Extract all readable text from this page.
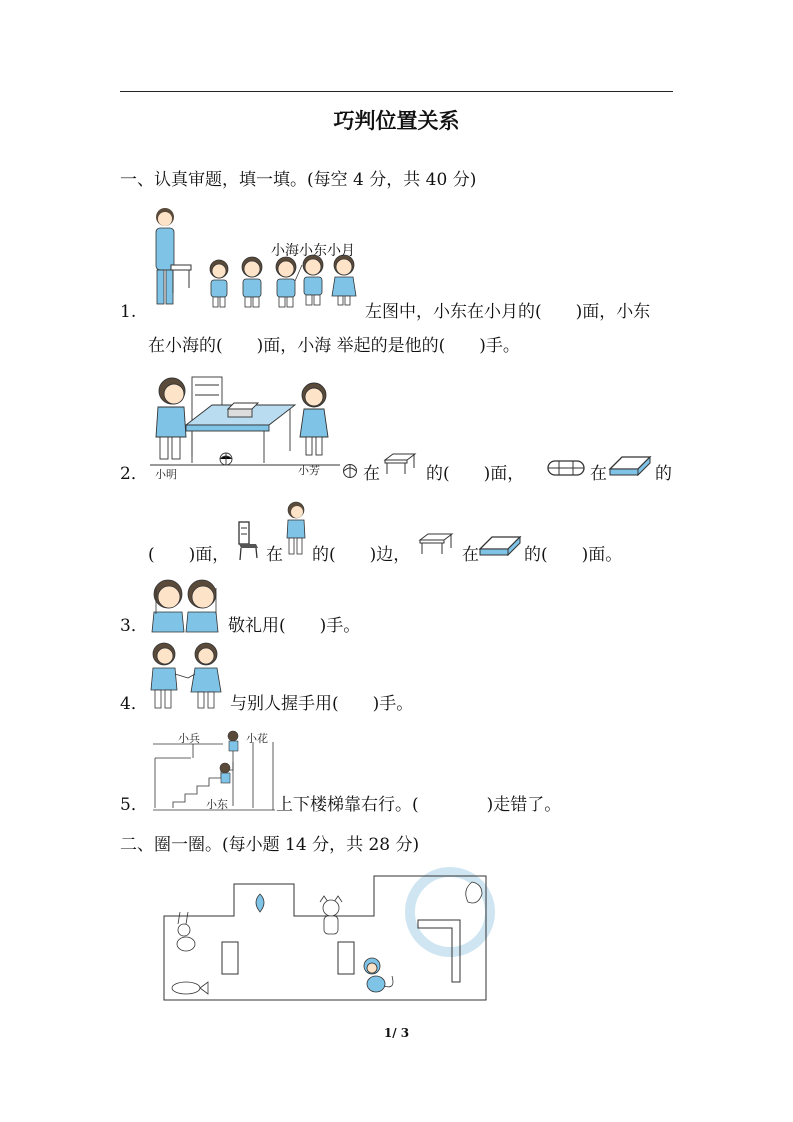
巧判位置关系
一、认真审题，填一填。(每空 4 分，共 40 分)
小海小东小月
1.	左图中，小东在小月的(　　)面，小东
在小海的(　　)面，小海 举起的是他的(　　)手。
小明	小芳
2．	在	的(　　)面，	在	的
(　　)面， 在 的(　　)边，	在	的(　　)面。
3．	敬礼用(　　)手。
4．	与别人握手用(　　)手。
小兵	小花
小东
5．	上下楼梯靠右行。(　　　　)走错了。
二、圈一圈。(每小题 14 分，共 28 分)
1/ 3
